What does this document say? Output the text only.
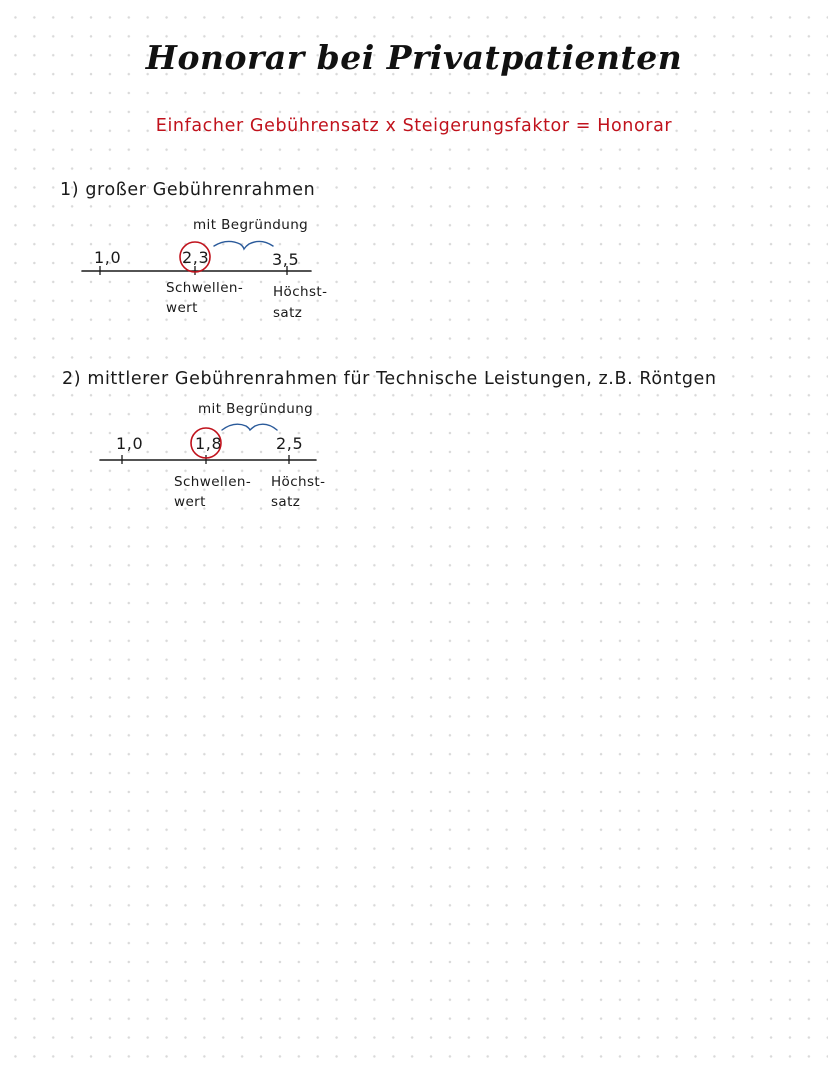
Honorar bei Privatpatienten
Einfacher Gebührensatz x Steigerungsfaktor = Honorar
1) großer Gebührenrahmen
mit Begründung
1,0	2,3	3,5
Schwellen-
wert
Höchst-
satz
2) mittlerer Gebührenrahmen für Technische Leistungen, z.B. Röntgen
mit Begründung
1,0	1,8	2,5
Schwellen-
wert
Höchst-
satz
